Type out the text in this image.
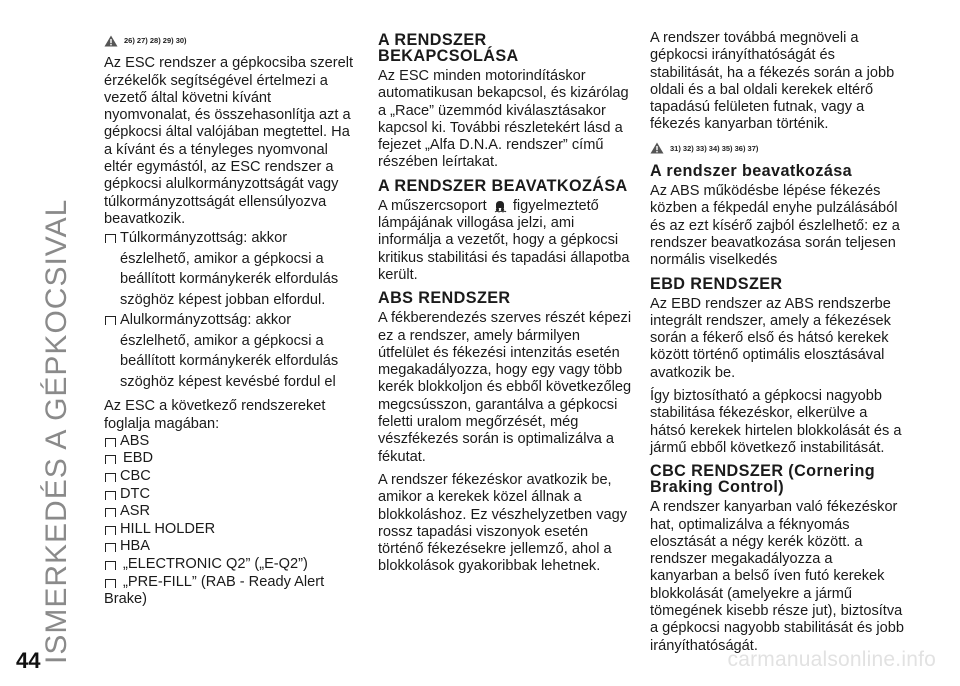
ISMERKEDÉS A GÉPKOCSIVAL
44	carmanualsonline.info
26) 27) 28) 29) 30)
Az ESC rendszer a gépkocsiba szerelt érzékelők segítségével értelmezi a vezető által követni kívánt nyomvonalat, és összehasonlítja azt a gépkocsi által valójában megtettel. Ha a kívánt és a tényleges nyomvonal eltér egymástól, az ESC rendszer a gépkocsi alulkormányzottságát vagy túlkormányzottságát ellensúlyozva beavatkozik.
Túlkormányzottság: akkor észlelhető, amikor a gépkocsi a beállított kormánykerék elfordulás szöghöz képest jobban elfordul.
Alulkormányzottság: akkor észlelhető, amikor a gépkocsi a beállított kormánykerék elfordulás szöghöz képest kevésbé fordul el
Az ESC a következő rendszereket foglalja magában:
ABS
EBD
CBC
DTC
ASR
HILL HOLDER
HBA
„ELECTRONIC Q2” („E-Q2”)
„PRE-FILL” (RAB - Ready Alert Brake)
A RENDSZER BEKAPCSOLÁSA
Az ESC minden motorindításkor automatikusan bekapcsol, és kizárólag a „Race” üzemmód kiválasztásakor kapcsol ki. További részletekért lásd a fejezet „Alfa D.N.A. rendszer” című részében leírtakat.
A RENDSZER BEAVATKOZÁSA
A műszercsoport figyelmeztető lámpájának villogása jelzi, ami informálja a vezetőt, hogy a gépkocsi kritikus stabilitási és tapadási állapotba került.
ABS RENDSZER
A fékberendezés szerves részét képezi ez a rendszer, amely bármilyen útfelület és fékezési intenzitás esetén megakadályozza, hogy egy vagy több kerék blokkoljon és ebből következőleg megcsússzon, garantálva a gépkocsi feletti uralom megőrzését, még vészfékezés során is optimalizálva a fékutat.
A rendszer fékezéskor avatkozik be, amikor a kerekek közel állnak a blokkoláshoz. Ez vészhelyzetben vagy rossz tapadási viszonyok esetén történő fékezésekre jellemző, ahol a blokkolások gyakoribbak lehetnek.
A rendszer továbbá megnöveli a gépkocsi irányíthatóságát és stabilitását, ha a fékezés során a jobb oldali és a bal oldali kerekek eltérő tapadású felületen futnak, vagy a fékezés kanyarban történik.
31) 32) 33) 34) 35) 36) 37)
A rendszer beavatkozása
Az ABS működésbe lépése fékezés közben a fékpedál enyhe pulzálásából és az ezt kísérő zajból észlelhető: ez a rendszer beavatkozása során teljesen normális viselkedés
EBD RENDSZER
Az EBD rendszer az ABS rendszerbe integrált rendszer, amely a fékezések során a fékerő első és hátsó kerekek között történő optimális elosztásával avatkozik be.
Így biztosítható a gépkocsi nagyobb stabilitása fékezéskor, elkerülve a hátsó kerekek hirtelen blokkolását és a jármű ebből következő instabilitását.
CBC RENDSZER (Cornering Braking Control)
A rendszer kanyarban való fékezéskor hat, optimalizálva a féknyomás elosztását a négy kerék között. a rendszer megakadályozza a kanyarban a belső íven futó kerekek blokkolását (amelyekre a jármű tömegének kisebb része jut), biztosítva a gépkocsi nagyobb stabilitását és jobb irányíthatóságát.
